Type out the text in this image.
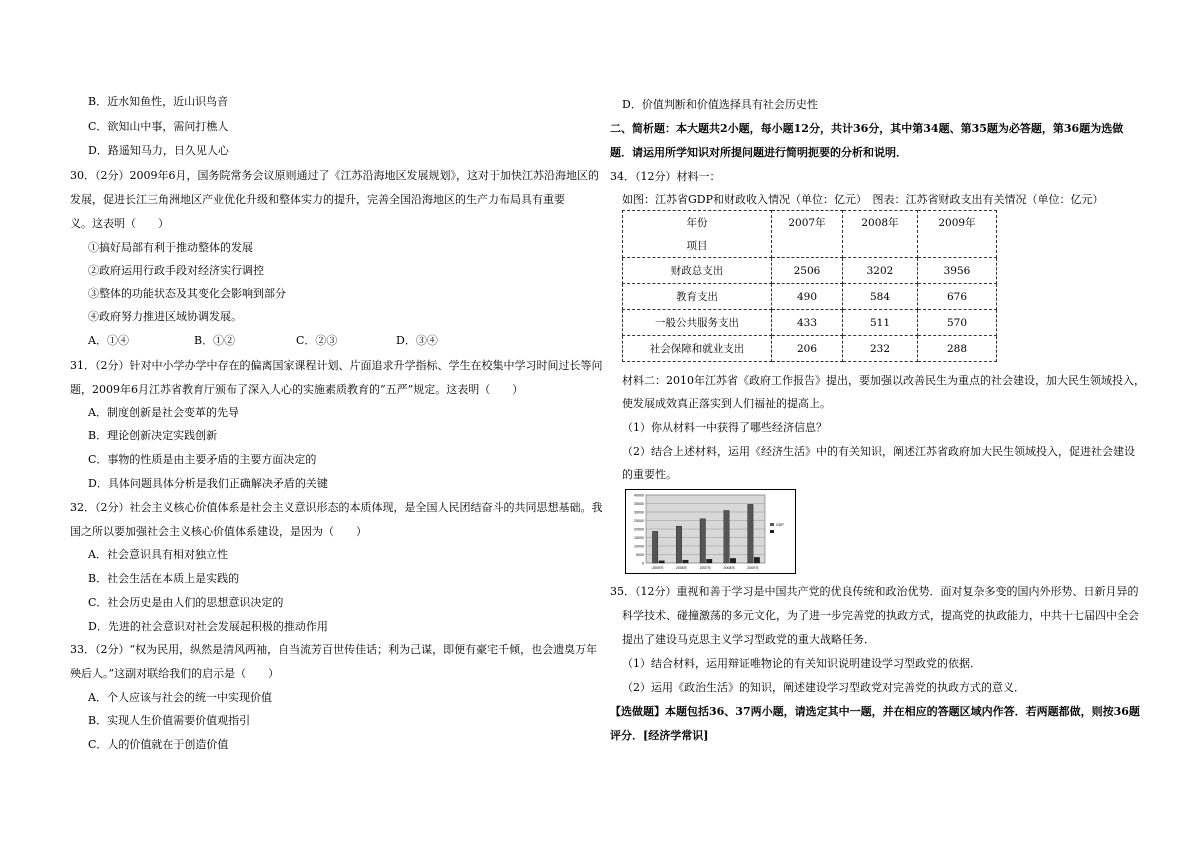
B．近水知鱼性，近山识鸟音
C．欲知山中事，需问打樵人
D．路遥知马力，日久见人心
30．（2分）2009年6月，国务院常务会议原则通过了《江苏沿海地区发展规划》，这对于加快江苏沿海地区的
发展，促进长江三角洲地区产业优化升级和整体实力的提升，完善全国沿海地区的生产力布局具有重要
义。这表明（　　）
①搞好局部有利于推动整体的发展
②政府运用行政手段对经济实行调控
③整体的功能状态及其变化会影响到部分
④政府努力推进区域协调发展。
A．①④	B．①②	C．②③	D．③④
31．（2分）针对中小学办学中存在的偏离国家课程计划、片面追求升学指标、学生在校集中学习时间过长等问
题，2009年6月江苏省教育厅颁布了深入人心的实施素质教育的“五严”规定。这表明（　　）
A．制度创新是社会变革的先导
B．理论创新决定实践创新
C．事物的性质是由主要矛盾的主要方面决定的
D．具体问题具体分析是我们正确解决矛盾的关键
32．（2分）社会主义核心价值体系是社会主义意识形态的本质体现，是全国人民团结奋斗的共同思想基础。我
国之所以要加强社会主义核心价值体系建设，是因为（　　）
A．社会意识具有相对独立性
B．社会生活在本质上是实践的
C．社会历史是由人们的思想意识决定的
D．先进的社会意识对社会发展起积极的推动作用
33．（2分）“权为民用，纵然是清风两袖，自当流芳百世传佳话；利为己谋，即便有豪宅千倾，也会遗臭万年
殃后人。”这副对联给我们的启示是（　　）
A．个人应该与社会的统一中实现价值
B．实现人生价值需要价值观指引
C．人的价值就在于创造价值
D．价值判断和价值选择具有社会历史性
二、简析题：本大题共2小题，每小题12分，共计36分，其中第34题、第35题为必答题，第36题为选做
题．请运用所学知识对所提问题进行简明扼要的分析和说明．
34．（12分）材料一：
如图：江苏省GDP和财政收入情况（单位：亿元）　图表：江苏省财政支出有关情况（单位：亿元）
年份
项目	2007年	2008年	2009年

财政总支出	2506	3202	3956
教育支出	490	584	676
一般公共服务支出	433	511	570
社会保障和就业支出	206	232	288
材料二：2010年江苏省《政府工作报告》提出，要加强以改善民生为重点的社会建设，加大民生领域投入，
使发展成效真正落实到人们福祉的提高上。
（1）你从材料一中获得了哪些经济信息？
（2）结合上述材料，运用《经济生活》中的有关知识，阐述江苏省政府加大民生领域投入，促进社会建设
的重要性。
0
5000
10000
15000
20000
25000
30000
35000
40000
2005年	2006年	2007年	2008年	2009年
GDP
35．（12分）重视和善于学习是中国共产党的优良传统和政治优势．面对复杂多变的国内外形势、日新月异的
科学技术、碰撞激荡的多元文化，为了进一步完善党的执政方式，提高党的执政能力，中共十七届四中全会
提出了建设马克思主义学习型政党的重大战略任务．
（1）结合材料，运用辩证唯物论的有关知识说明建设学习型政党的依据．
（2）运用《政治生活》的知识，阐述建设学习型政党对完善党的执政方式的意义．
【选做题】本题包括36、37两小题，请选定其中一题，并在相应的答题区域内作答．若两题都做，则按36题
评分．[经济学常识]
